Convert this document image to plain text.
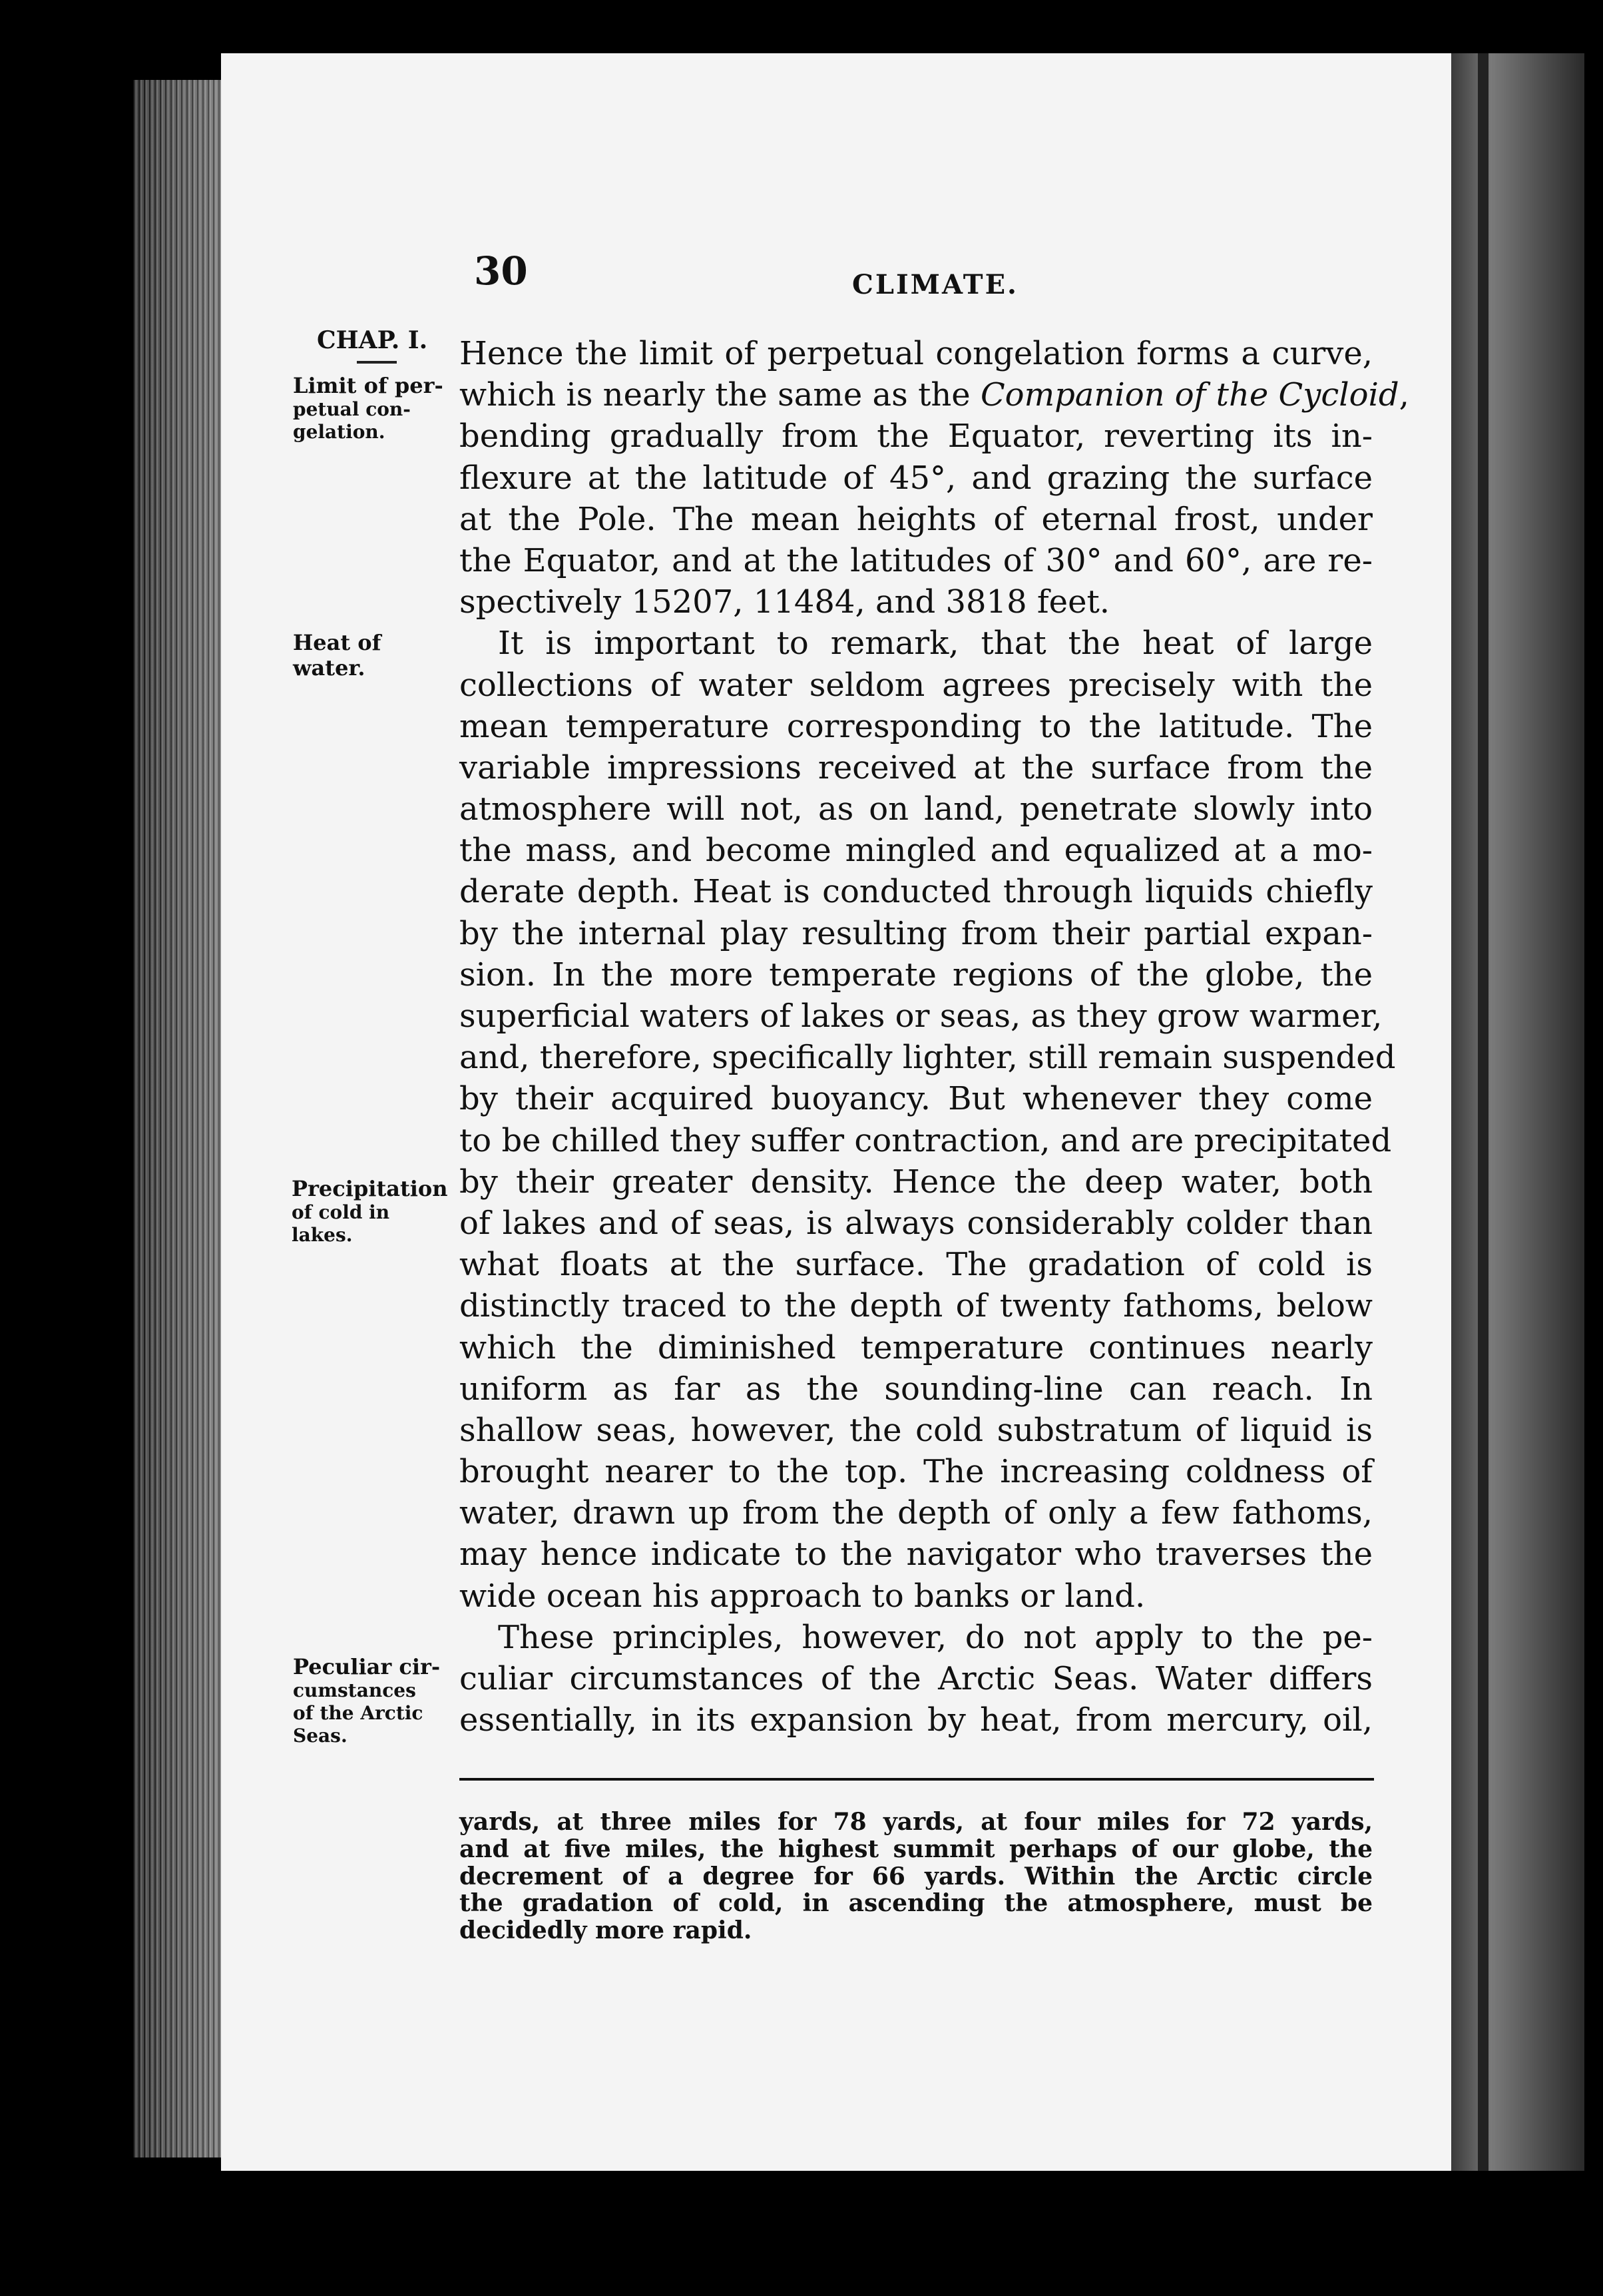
30	CLIMATE.
CHAP. I.
Limit of per-
petual con-
gelation.
Heat of
water.
Precipitation
of cold in
lakes.
Peculiar cir-
cumstances
of the Arctic
Seas.
Hence the limit of perpetual congelation forms a curve,
which is nearly the same as the Companion of the Cycloid
bending gradually from the Equator, reverting its in-
flexure at the latitude of 45°, and grazing the surface
at the Pole. The mean heights of eternal frost, under
the Equator, and at the latitudes of 30° and 60°, are re-
spectively 15207, 11484, and 3818 feet.
It is important to remark, that the heat of large
collections of water seldom agrees precisely with the
mean temperature corresponding to the latitude. The
variable impressions received at the surface from the
atmosphere will not, as on land, penetrate slowly into
the mass, and become mingled and equalized at a mo-
derate depth. Heat is conducted through liquids chiefly
by the internal play resulting from their partial expan-
sion. In the more temperate regions of the globe, the
superficial waters of lakes or seas, as they grow warmer,
and, therefore, specifically lighter, still remain suspended
by their acquired buoyancy. But whenever they come
to be chilled they suffer contraction, and are precipitated
by their greater density. Hence the deep water, both
of lakes and of seas, is always considerably colder than
what floats at the surface. The gradation of cold is
distinctly traced to the depth of twenty fathoms, below
which the diminished temperature continues nearly
uniform as far as the sounding-line can reach. In
shallow seas, however, the cold substratum of liquid is
brought nearer to the top. The increasing coldness of
water, drawn up from the depth of only a few fathoms,
may hence indicate to the navigator who traverses the
wide ocean his approach to banks or land.
These principles, however, do not apply to the pe-
culiar circumstances of the Arctic Seas. Water differs
essentially, in its expansion by heat, from mercury, oil,
yards, at three miles for 78 yards, at four miles for 72 yards,
and at five miles, the highest summit perhaps of our globe, the
decrement of a degree for 66 yards. Within the Arctic circle
the gradation of cold, in ascending the atmosphere, must be
decidedly more rapid.
